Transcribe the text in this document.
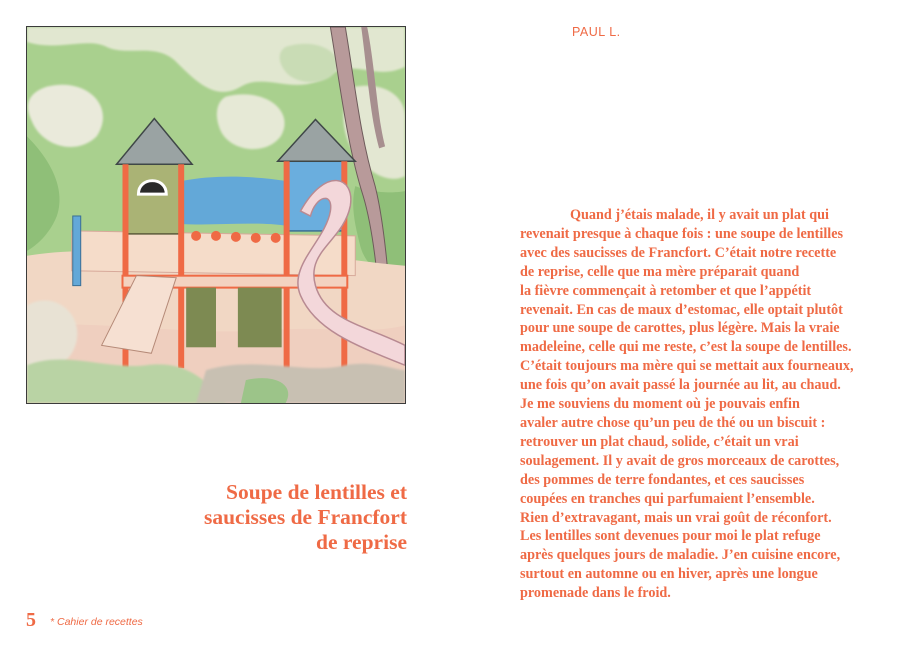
Soupe de lentilles et
saucisses de Francfort
de reprise
5 * Cahier de recettes
PAUL L.
Quand j’étais malade, il y avait un plat qui
revenait presque à chaque fois : une soupe de lentilles
avec des saucisses de Francfort. C’était notre recette
de reprise, celle que ma mère préparait quand
la fièvre commençait à retomber et que l’appétit
revenait. En cas de maux d’estomac, elle optait plutôt
pour une soupe de carottes, plus légère. Mais la vraie
madeleine, celle qui me reste, c’est la soupe de lentilles.
C’était toujours ma mère qui se mettait aux fourneaux,
une fois qu’on avait passé la journée au lit, au chaud.
Je me souviens du moment où je pouvais enfin
avaler autre chose qu’un peu de thé ou un biscuit :
retrouver un plat chaud, solide, c’était un vrai
soulagement. Il y avait de gros morceaux de carottes,
des pommes de terre fondantes, et ces saucisses
coupées en tranches qui parfumaient l’ensemble.
Rien d’extravagant, mais un vrai goût de réconfort.
Les lentilles sont devenues pour moi le plat refuge
après quelques jours de maladie. J’en cuisine encore,
surtout en automne ou en hiver, après une longue
promenade dans le froid.
